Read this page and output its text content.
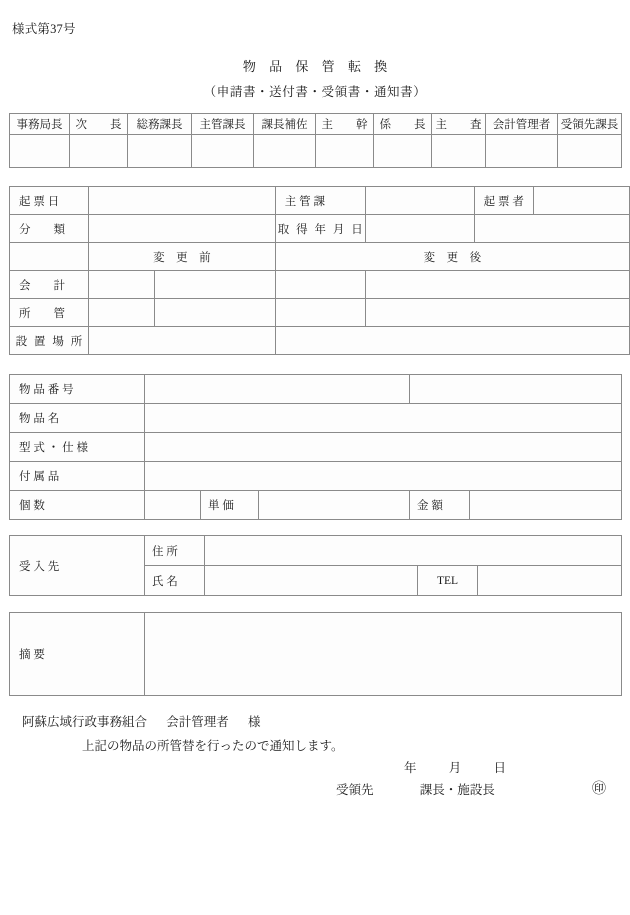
様式第37号
物 品 保 管 転 換
（申請書・送付書・受領書・通知書）
事務局長	次　　長	総務課長	主管課長	課長補佐	主　　幹	係　　長	主　　査	会計管理者	受領先課長

起 票 日			主 管 課		起 票 者

分　　類			取 得 年 月 日		
	変　更　前		変　更　後		

会　　計					

所　　管					

設 置 場 所					
物 品 番 号					

物 品 名					

型 式 ・ 仕 様					

付 属 品					

個 数		単 価		金 額	

受 入 先	住 所			

氏 名		TEL	
摘 要

阿蘇広域行政事務組合 会計管理者 様
上記の物品の所管替を行ったので通知します。
年	月	日
受領先	課長・施設長	㊞
